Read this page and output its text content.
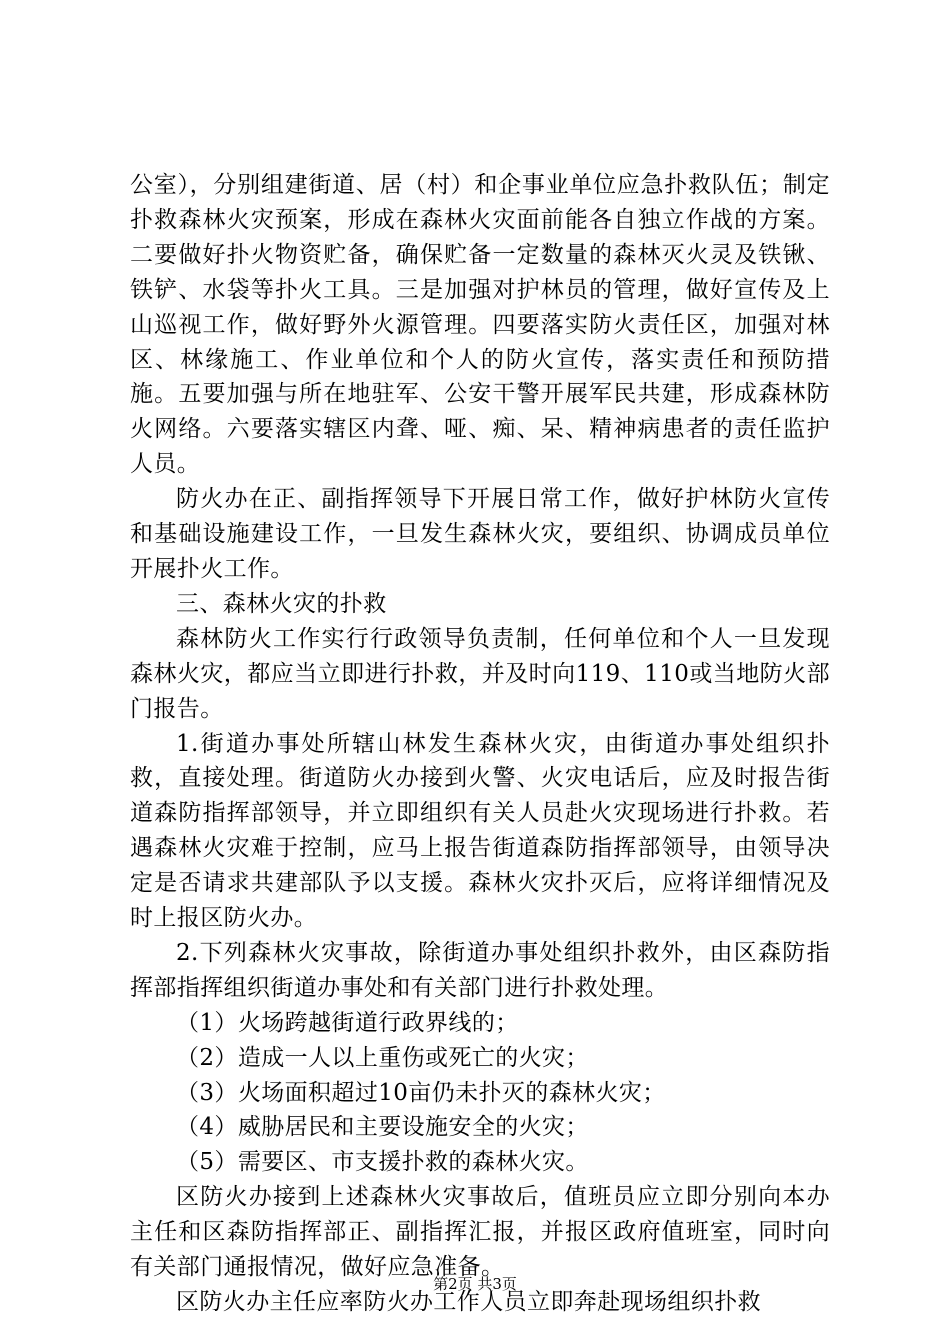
公室），分别组建街道、居（村）和企事业单位应急扑救队伍；制定扑救森林火灾预案，形成在森林火灾面前能各自独立作战的方案。二要做好扑火物资贮备，确保贮备一定数量的森林灭火灵及铁锹、铁铲、水袋等扑火工具。三是加强对护林员的管理，做好宣传及上山巡视工作，做好野外火源管理。四要落实防火责任区，加强对林区、林缘施工、作业单位和个人的防火宣传，落实责任和预防措施。五要加强与所在地驻军、公安干警开展军民共建，形成森林防火网络。六要落实辖区内聋、哑、痴、呆、精神病患者的责任监护人员。

防火办在正、副指挥领导下开展日常工作，做好护林防火宣传和基础设施建设工作，一旦发生森林火灾，要组织、协调成员单位开展扑火工作。

三、森林火灾的扑救

森林防火工作实行行政领导负责制，任何单位和个人一旦发现森林火灾，都应当立即进行扑救，并及时向119、110或当地防火部门报告。

1.街道办事处所辖山林发生森林火灾，由街道办事处组织扑救，直接处理。街道防火办接到火警、火灾电话后，应及时报告街道森防指挥部领导，并立即组织有关人员赴火灾现场进行扑救。若遇森林火灾难于控制，应马上报告街道森防指挥部领导，由领导决定是否请求共建部队予以支援。森林火灾扑灭后，应将详细情况及时上报区防火办。

2.下列森林火灾事故，除街道办事处组织扑救外，由区森防指挥部指挥组织街道办事处和有关部门进行扑救处理。

（1）火场跨越街道行政界线的；

（2）造成一人以上重伤或死亡的火灾；

（3）火场面积超过10亩仍未扑灭的森林火灾；

（4）威胁居民和主要设施安全的火灾；

（5）需要区、市支援扑救的森林火灾。

区防火办接到上述森林火灾事故后，值班员应立即分别向本办主任和区森防指挥部正、副指挥汇报，并报区政府值班室，同时向有关部门通报情况，做好应急准备。

区防火办主任应率防火办工作人员立即奔赴现场组织扑救

第2页 共3页
